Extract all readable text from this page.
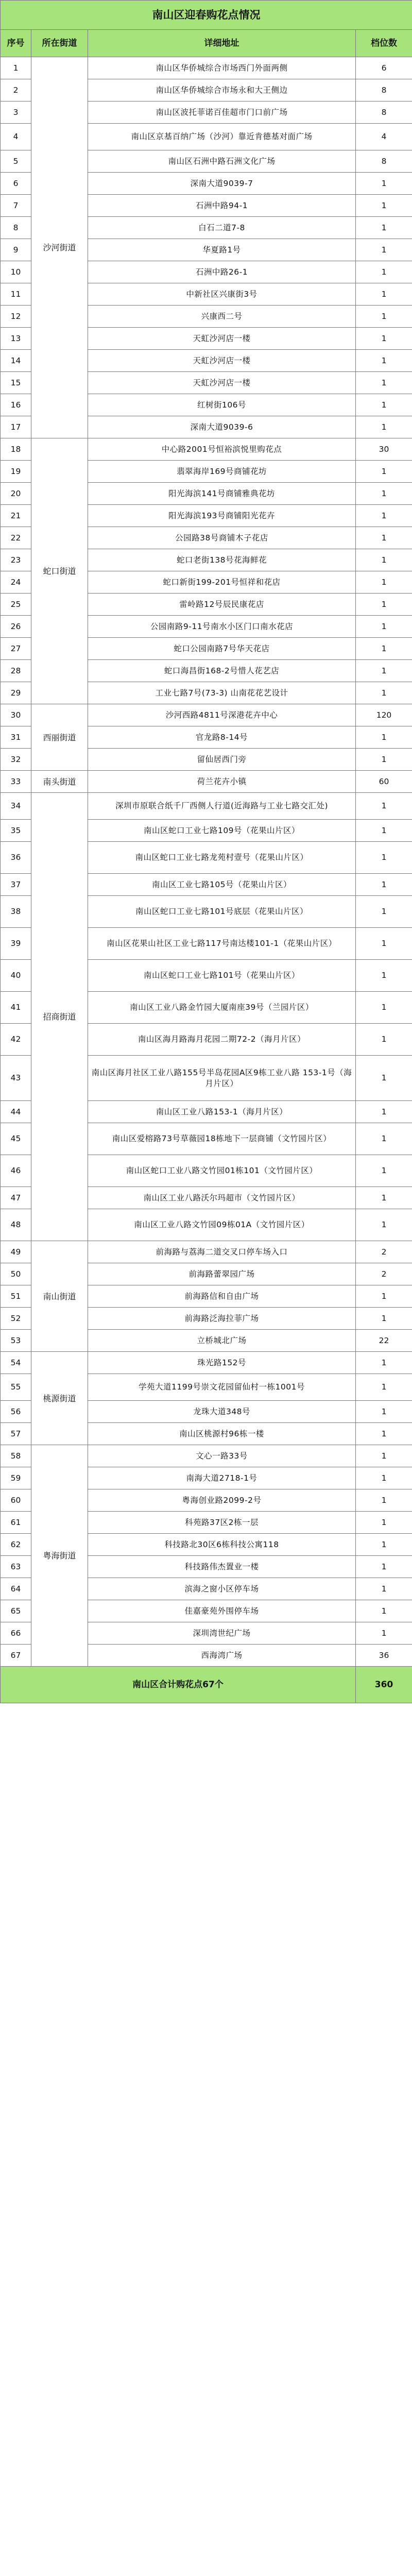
南山区迎春购花点情况			
序号	所在街道	详细地址	档位数
1	沙河街道	南山区华侨城综合市场西门外面两侧	6
2		南山区华侨城综合市场永和大王侧边	8
3		南山区波托菲诺百佳超市门口前广场	8
4		南山区京基百纳广场（沙河）靠近肯德基对面广场	4
5		南山区石洲中路石洲文化广场	8
6		深南大道9039-7	1
7		石洲中路94-1	1
8		白石二道7-8	1
9		华夏路1号	1
10		石洲中路26-1	1
11		中新社区兴康街3号	1
12		兴康西二号	1
13		天虹沙河店一楼	1
14		天虹沙河店一楼	1
15		天虹沙河店一楼	1
16		红树街106号	1
17		深南大道9039-6	1
18	蛇口街道	中心路2001号恒裕滨悦里购花点	30
19		翡翠海岸169号商铺花坊	1
20		阳光海滨141号商铺雅典花坊	1
21		阳光海滨193号商铺阳光花卉	1
22		公园路38号商铺木子花店	1
23		蛇口老街138号花海鲜花	1
24		蛇口新街199-201号恒祥和花店	1
25		雷岭路12号辰民康花店	1
26		公园南路9-11号南水小区门口南水花店	1
27		蛇口公园南路7号华天花店	1
28		蛇口海昌街168-2号惜人花艺店	1
29		工业七路7号(73-3) 山南花花艺设计	1
30	西丽街道	沙河西路4811号深港花卉中心	120
31		官龙路8-14号	1
32		留仙居西门旁	1
33	南头街道	荷兰花卉小镇	60
34	招商街道	深圳市原联合纸千厂西侧人行道(近海路与工业七路交汇处)	1
35		南山区蛇口工业七路109号（花果山片区）	1
36		南山区蛇口工业七路龙苑村壹号（花果山片区）	1
37		南山区工业七路105号（花果山片区）	1
38		南山区蛇口工业七路101号底层（花果山片区）	1
39		南山区花果山社区工业七路117号南达楼101-1（花果山片区）	1
40		南山区蛇口工业七路101号（花果山片区）	1
41		南山区工业八路金竹园大厦南座39号（兰园片区）	1
42		南山区海月路海月花园二期72-2（海月片区）	1
43		南山区海月社区工业八路155号半岛花园A区9栋工业八路 153-1号（海月片区）	1
44		南山区工业八路153-1（海月片区）	1
45		南山区爱榕路73号草薇园18栋地下一层商铺（文竹园片区）	1
46		南山区蛇口工业八路文竹园01栋101（文竹园片区）	1
47		南山区工业八路沃尔玛超市（文竹园片区）	1
48		南山区工业八路文竹园09栋01A（文竹园片区）	1
49	南山街道	前海路与荔海二道交叉口停车场入口	2
50		前海路蕾翠园广场	2
51		前海路信和自由广场	1
52		前海路泛海拉菲广场	1
53		立桥城北广场	22
54	桃源街道	珠光路152号	1
55		学苑大道1199号崇文花园留仙村一栋1001号	1
56		龙珠大道348号	1
57		南山区桃源村96栋一楼	1
58	粤海街道	文心一路33号	1
59		南海大道2718-1号	1
60		粤海创业路2099-2号	1
61		科苑路37区2栋一层	1
62		科技路北30区6栋科技公寓118	1
63		科技路伟杰置业一楼	1
64		滨海之窗小区停车场	1
65		佳嘉豪苑外围停车场	1
66		深圳湾世纪广场	1
67		西海湾广场	36
南山区合计购花点67个			360
